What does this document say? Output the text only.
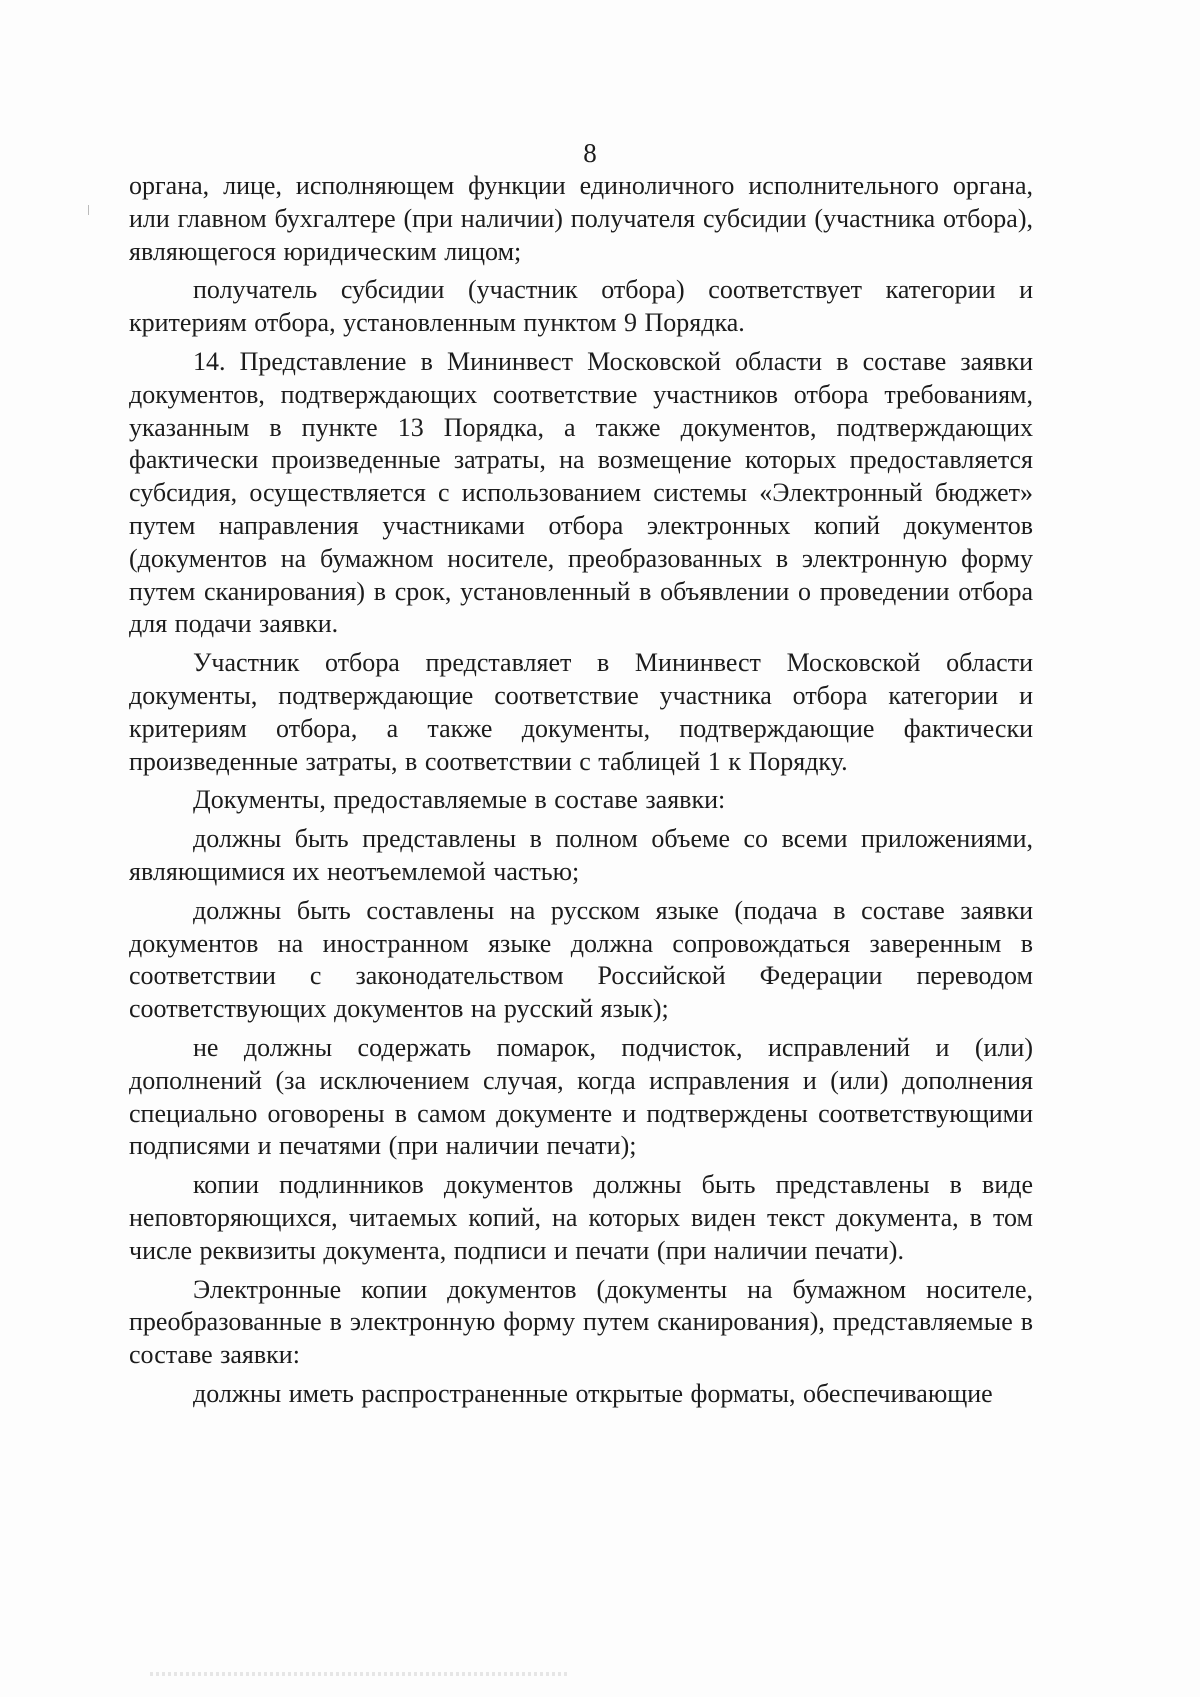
8

органа, лице, исполняющем функции единоличного исполнительного органа, или главном бухгалтере (при наличии) получателя субсидии (участника отбора), являющегося юридическим лицом;

получатель субсидии (участник отбора) соответствует категории и критериям отбора, установленным пунктом 9 Порядка.

14. Представление в Мининвест Московской области в составе заявки документов, подтверждающих соответствие участников отбора требованиям, указанным в пункте 13 Порядка, а также документов, подтверждающих фактически произведенные затраты, на возмещение которых предоставляется субсидия, осуществляется с использованием системы «Электронный бюджет» путем направления участниками отбора электронных копий документов (документов на бумажном носителе, преобразованных в электронную форму путем сканирования) в срок, установленный в объявлении о проведении отбора для подачи заявки.

Участник отбора представляет в Мининвест Московской области документы, подтверждающие соответствие участника отбора категории и критериям отбора, а также документы, подтверждающие фактически произведенные затраты, в соответствии с таблицей 1 к Порядку.

Документы, предоставляемые в составе заявки:

должны быть представлены в полном объеме со всеми приложениями, являющимися их неотъемлемой частью;

должны быть составлены на русском языке (подача в составе заявки документов на иностранном языке должна сопровождаться заверенным в соответствии с законодательством Российской Федерации переводом соответствующих документов на русский язык);

не должны содержать помарок, подчисток, исправлений и (или) дополнений (за исключением случая, когда исправления и (или) дополнения специально оговорены в самом документе и подтверждены соответствующими подписями и печатями (при наличии печати);

копии подлинников документов должны быть представлены в виде неповторяющихся, читаемых копий, на которых виден текст документа, в том числе реквизиты документа, подписи и печати (при наличии печати).

Электронные копии документов (документы на бумажном носителе, преобразованные в электронную форму путем сканирования), представляемые в составе заявки:

должны иметь распространенные открытые форматы, обеспечивающие
